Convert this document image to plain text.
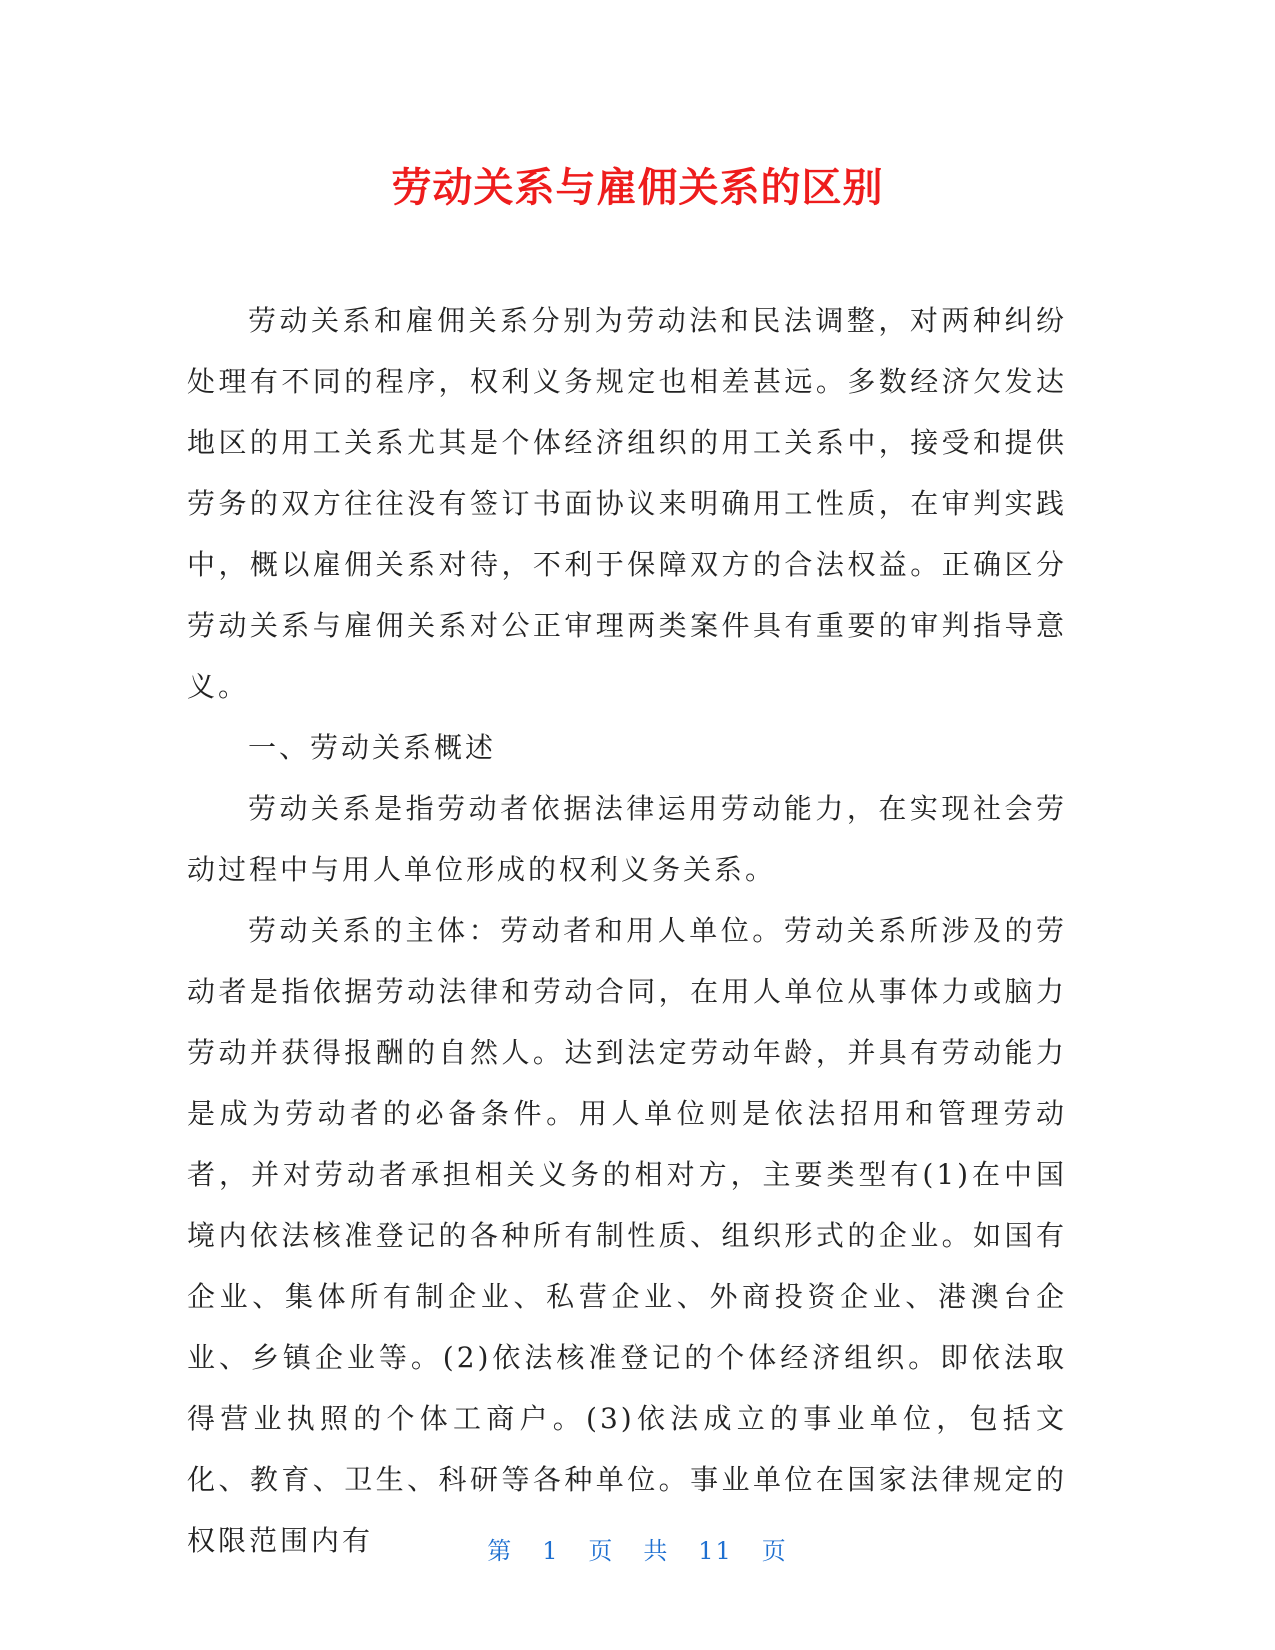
劳动关系与雇佣关系的区别

劳动关系和雇佣关系分别为劳动法和民法调整，对两种纠纷处理有不同的程序，权利义务规定也相差甚远。多数经济欠发达地区的用工关系尤其是个体经济组织的用工关系中，接受和提供劳务的双方往往没有签订书面协议来明确用工性质，在审判实践中，概以雇佣关系对待，不利于保障双方的合法权益。正确区分劳动关系与雇佣关系对公正审理两类案件具有重要的审判指导意义。

一、劳动关系概述

劳动关系是指劳动者依据法律运用劳动能力，在实现社会劳动过程中与用人单位形成的权利义务关系。

劳动关系的主体：劳动者和用人单位。劳动关系所涉及的劳动者是指依据劳动法律和劳动合同，在用人单位从事体力或脑力劳动并获得报酬的自然人。达到法定劳动年龄，并具有劳动能力是成为劳动者的必备条件。用人单位则是依法招用和管理劳动者，并对劳动者承担相关义务的相对方，主要类型有(1)在中国境内依法核准登记的各种所有制性质、组织形式的企业。如国有企业、集体所有制企业、私营企业、外商投资企业、港澳台企业、乡镇企业等。(2)依法核准登记的个体经济组织。即依法取得营业执照的个体工商户。(3)依法成立的事业单位，包括文化、教育、卫生、科研等各种单位。事业单位在国家法律规定的权限范围内有	第 1 页 共 11 页
